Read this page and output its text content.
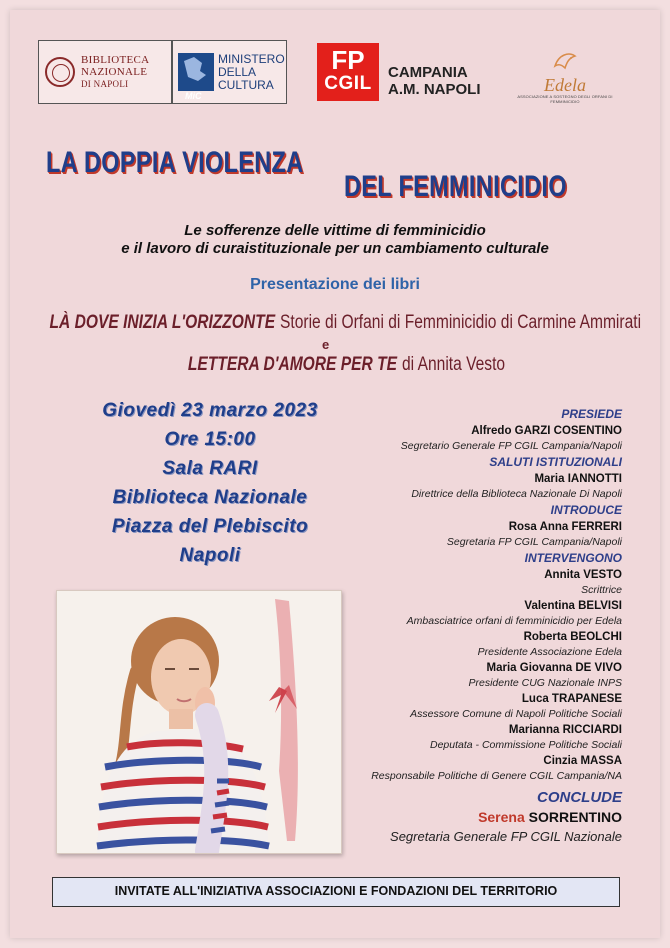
BIBLIOTECA
NAZIONALE
DI NAPOLI
MiC
MINISTERO
DELLA
CULTURA
FP
CGIL
CAMPANIA
A.M. NAPOLI	Edela
ASSOCIAZIONE A SOSTEGNO DEGLI ORFANI DI FEMMINICIDIO
LA DOPPIA VIOLENZA
DEL FEMMINICIDIO
Le sofferenze delle vittime di femminicidio
e il lavoro di curaistituzionale per un cambiamento culturale
Presentazione dei libri
LÀ DOVE INIZIA L'ORIZZONTE Storie di Orfani di Femminicidio di Carmine Ammirati
e
LETTERA D'AMORE PER TE di Annita Vesto
Giovedì 23 marzo 2023
Ore 15:00
Sala RARI
Biblioteca Nazionale
Piazza del Plebiscito
Napoli
PRESIEDE
Alfredo GARZI COSENTINO
Segretario Generale FP CGIL Campania/Napoli
SALUTI ISTITUZIONALI
Maria IANNOTTI
Direttrice della Biblioteca Nazionale Di Napoli
INTRODUCE
Rosa Anna FERRERI
Segretaria FP CGIL Campania/Napoli
INTERVENGONO
Annita VESTO
Scrittrice
Valentina BELVISI
Ambasciatrice orfani di femminicidio per Edela
Roberta BEOLCHI
Presidente Associazione Edela
Maria Giovanna DE VIVO
Presidente CUG Nazionale INPS
Luca TRAPANESE
Assessore Comune di Napoli Politiche Sociali
Marianna RICCIARDI
Deputata - Commissione Politiche Sociali
Cinzia MASSA
Responsabile Politiche di Genere CGIL Campania/NA
CONCLUDE
Serena SORRENTINO
Segretaria Generale FP CGIL Nazionale
INVITATE ALL'INIZIATIVA ASSOCIAZIONI E FONDAZIONI DEL TERRITORIO
